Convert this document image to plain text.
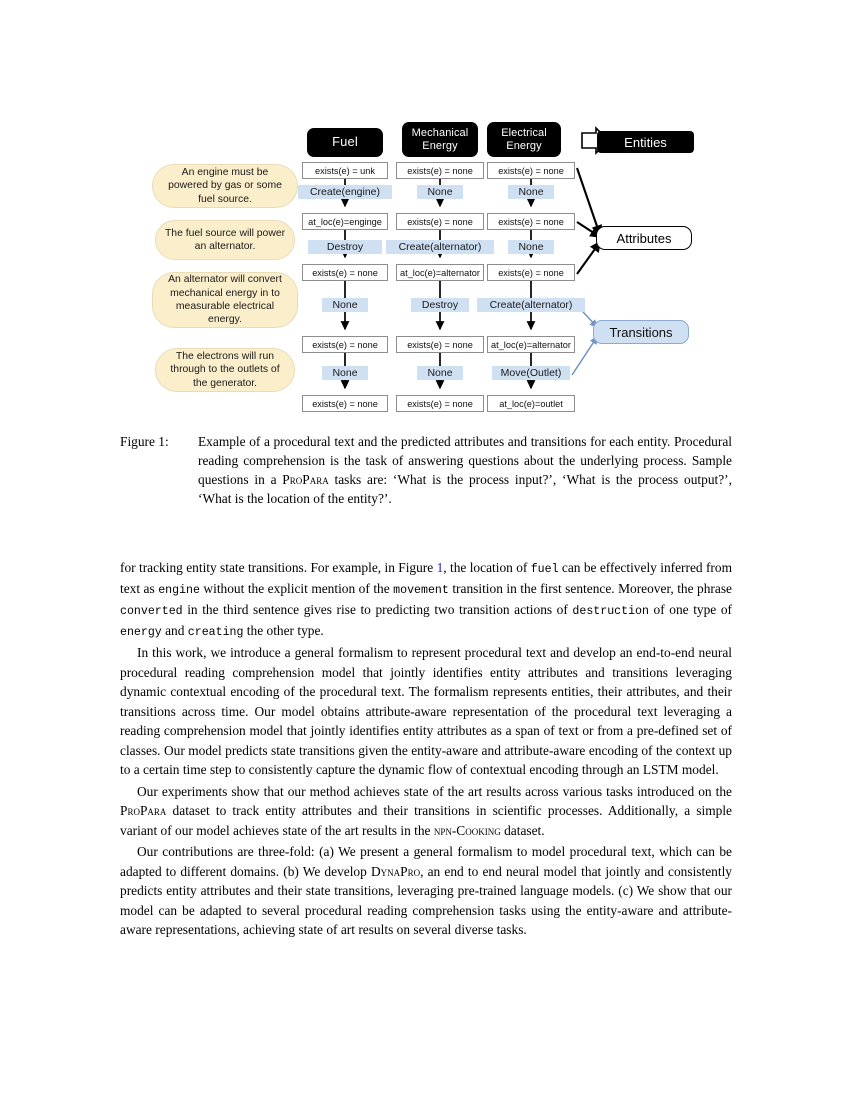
Fuel
Mechanical
Energy
Electrical
Energy
exists(e) = unk
Create(engine)
at_loc(e)=enginge
Destroy
exists(e) = none
None
exists(e) = none
None
exists(e) = none
exists(e) = none
None
exists(e) = none
Create(alternator)
at_loc(e)=alternator
Destroy
exists(e) = none
None
exists(e) = none
exists(e) = none
None
exists(e) = none
None
exists(e) = none
Create(alternator)
at_loc(e)=alternator
Move(Outlet)
at_loc(e)=outlet
An engine must be powered by gas or some fuel source.
The fuel source will power an alternator.
An alternator will convert mechanical energy in to measurable electrical energy.
The electrons will run through to the outlets of the generator.
Entities
Attributes
Transitions
Figure 1:	Example of a procedural text and the predicted attributes and transitions for each entity. Procedural reading comprehension is the task of answering questions about the underlying process. Sample questions in a ProPara tasks are: ‘What is the process input?’, ‘What is the process output?’, ‘What is the location of the entity?’.

for tracking entity state transitions. For example, in Figure 1, the location of fuel can be effectively inferred from text as engine without the explicit mention of the movement transition in the first sentence. Moreover, the phrase converted in the third sentence gives rise to predicting two transition actions of destruction of one type of energy and creating the other type.

In this work, we introduce a general formalism to represent procedural text and develop an end-to-end neural procedural reading comprehension model that jointly identifies entity attributes and transitions leveraging dynamic contextual encoding of the procedural text. The formalism represents entities, their attributes, and their transitions across time. Our model obtains attribute-aware representation of the procedural text leveraging a reading comprehension model that jointly identifies entity attributes as a span of text or from a pre-defined set of classes. Our model predicts state transitions given the entity-aware and attribute-aware encoding of the context up to a certain time step to consistently capture the dynamic flow of contextual encoding through an LSTM model.

Our experiments show that our method achieves state of the art results across various tasks introduced on the ProPara dataset to track entity attributes and their transitions in scientific processes. Additionally, a simple variant of our model achieves state of the art results in the npn-Cooking dataset.

Our contributions are three-fold: (a) We present a general formalism to model procedural text, which can be adapted to different domains. (b) We develop DynaPro, an end to end neural model that jointly and consistently predicts entity attributes and their state transitions, leveraging pre-trained language models. (c) We show that our model can be adapted to several procedural reading comprehension tasks using the entity-aware and attribute-aware representations, achieving state of art results on several diverse tasks.
